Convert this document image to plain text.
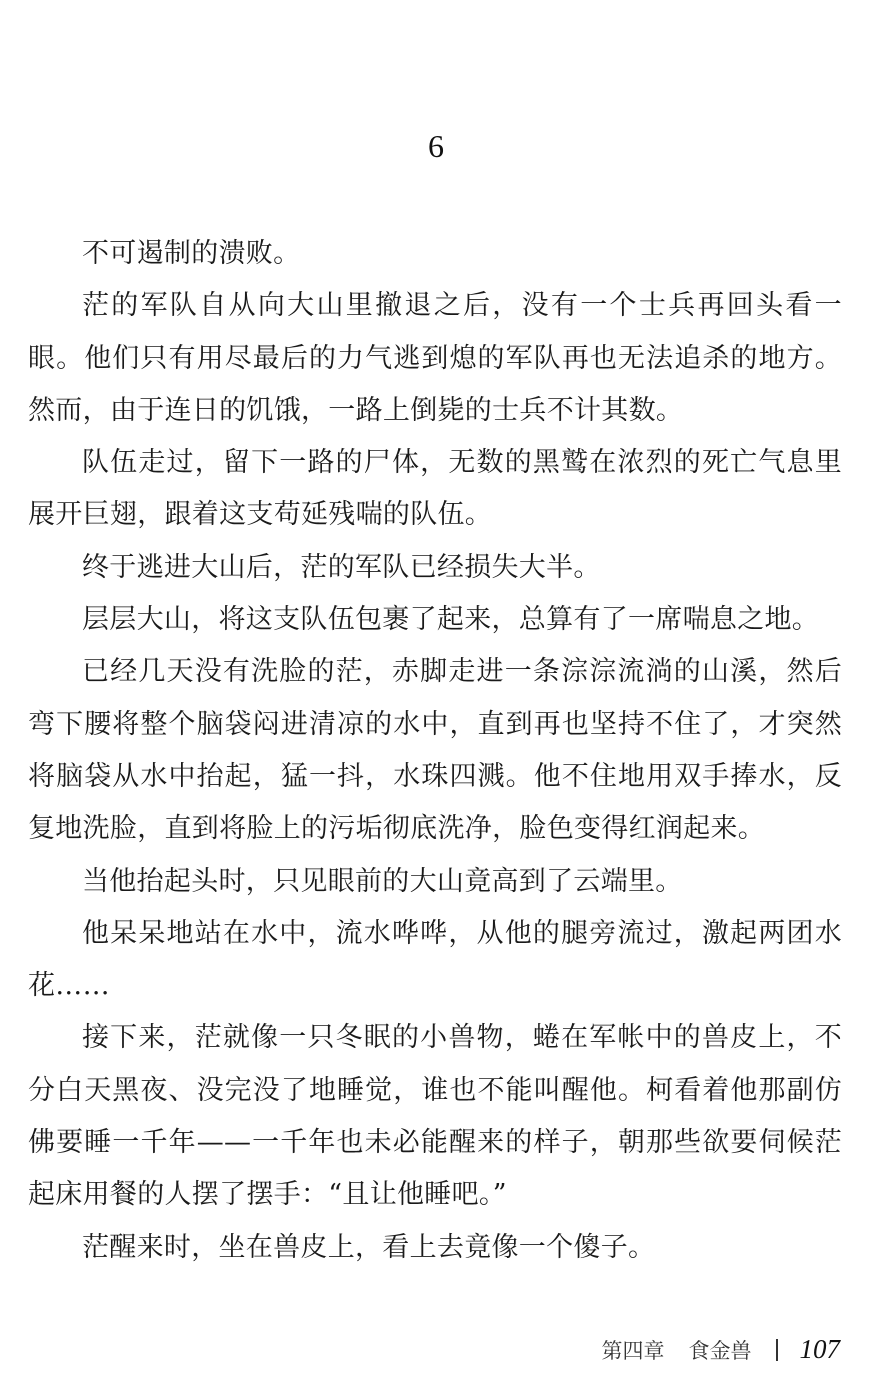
6

不可遏制的溃败。

茫的军队自从向大山里撤退之后，没有一个士兵再回头看一眼。他们只有用尽最后的力气逃到熄的军队再也无法追杀的地方。然而，由于连日的饥饿，一路上倒毙的士兵不计其数。

队伍走过，留下一路的尸体，无数的黑鹫在浓烈的死亡气息里展开巨翅，跟着这支苟延残喘的队伍。

终于逃进大山后，茫的军队已经损失大半。

层层大山，将这支队伍包裹了起来，总算有了一席喘息之地。

已经几天没有洗脸的茫，赤脚走进一条淙淙流淌的山溪，然后弯下腰将整个脑袋闷进清凉的水中，直到再也坚持不住了，才突然将脑袋从水中抬起，猛一抖，水珠四溅。他不住地用双手捧水，反复地洗脸，直到将脸上的污垢彻底洗净，脸色变得红润起来。

当他抬起头时，只见眼前的大山竟高到了云端里。

他呆呆地站在水中，流水哗哗，从他的腿旁流过，激起两团水花……

接下来，茫就像一只冬眠的小兽物，蜷在军帐中的兽皮上，不分白天黑夜、没完没了地睡觉，谁也不能叫醒他。柯看着他那副仿佛要睡一千年——一千年也未必能醒来的样子，朝那些欲要伺候茫起床用餐的人摆了摆手：“且让他睡吧。”

茫醒来时，坐在兽皮上，看上去竟像一个傻子。

第四章 食金兽 107
